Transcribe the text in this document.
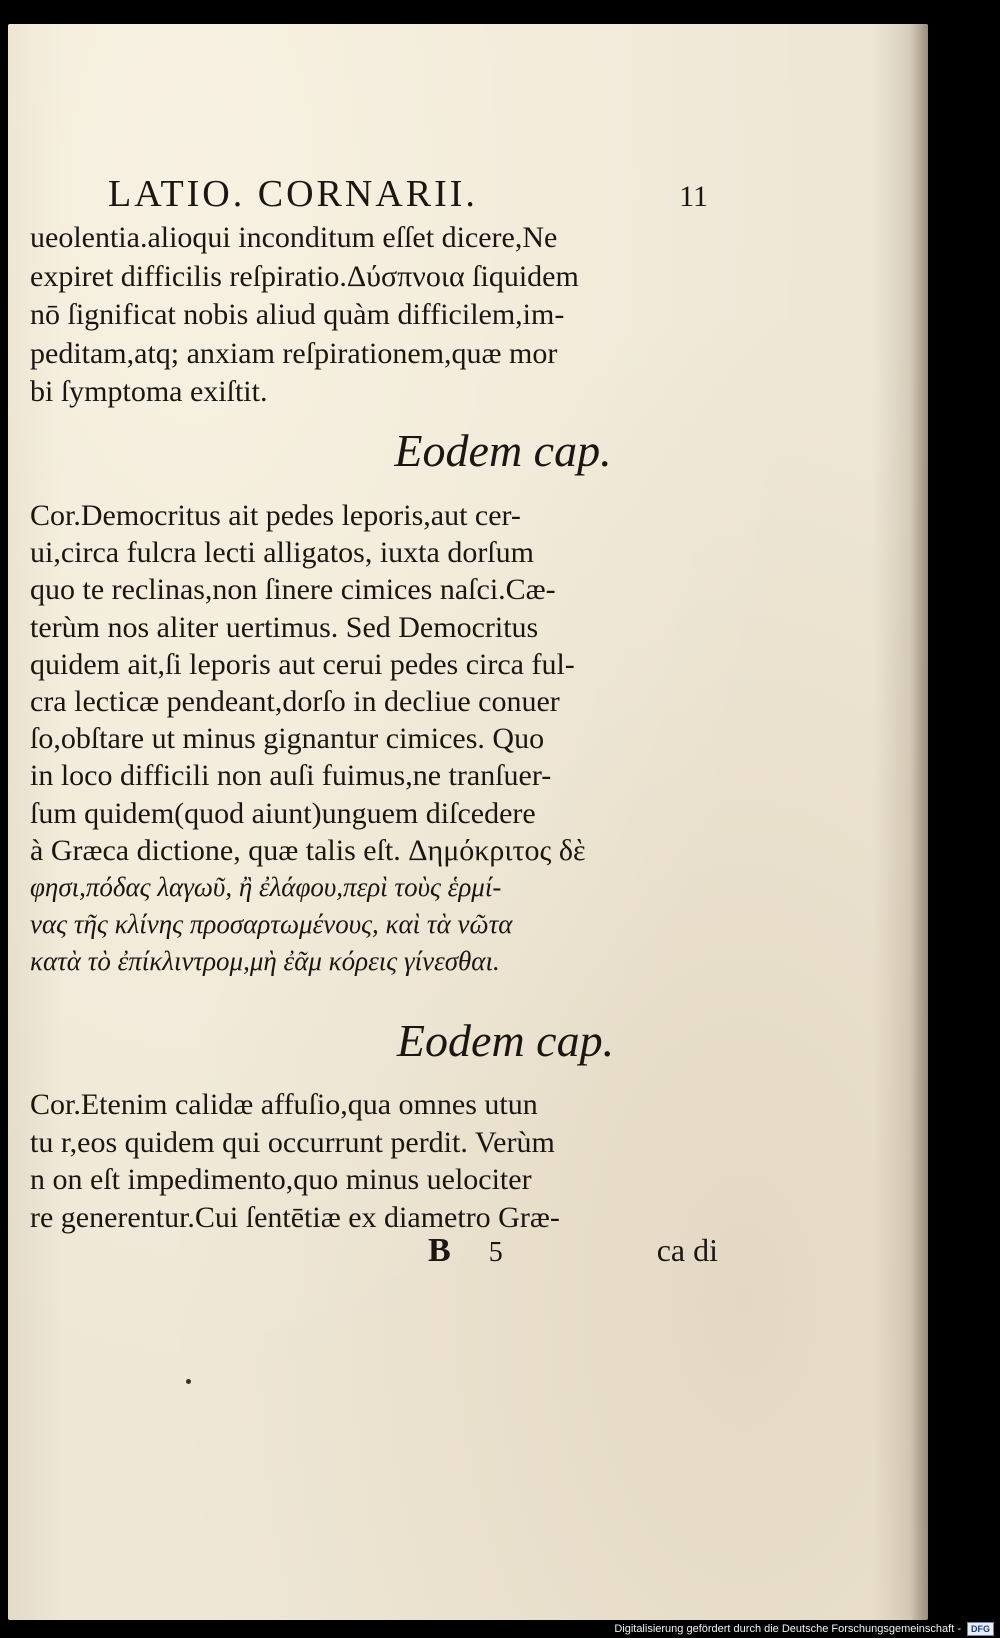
LATIO. CORNARII.	11
ueolentia.alioqui inconditum eſſet dicere,Ne
expiret difficilis reſpiratio.Δύσπνοια ſiquidem
nō ſignificat nobis aliud quàm difficilem,im-
peditam,atq; anxiam reſpirationem,quæ mor
bi ſymptoma exiſtit.
Eodem cap.
Cor.Democritus ait pedes leporis,aut cer-
ui,circa fulcra lecti alligatos, iuxta dorſum
quo te reclinas,non ſinere cimices naſci.Cæ-
terùm nos aliter uertimus. Sed Democritus
quidem ait,ſi leporis aut cerui pedes circa ful-
cra lecticæ pendeant,dorſo in decliue conuer
ſo,obſtare ut minus gignantur cimices. Quo
in loco difficili non auſi fuimus,ne tranſuer-
ſum quidem(quod aiunt)unguem diſcedere
à Græca dictione, quæ talis eſt. Δημόκριτος δὲ
φησι,πόδας λαγωῦ, ἢ ἐλάφου,περὶ τοὺς ἑρμί-
νας τῆς κλίνης προσαρτωμένους, καὶ τὰ νῶτα
κατὰ τὸ ἐπίκλιντρομ,μὴ ἐᾶμ κόρεις γίνεσθαι.
Eodem cap.
Cor.Etenim calidæ affuſio,qua omnes utun
tu r,eos quidem qui occurrunt perdit. Verùm
n on eſt impedimento,quo minus uelociter
re generentur.Cui ſentētiæ ex diametro Græ-
B 5	ca di
Digitalisierung gefördert durch die Deutsche Forschungsgemeinschaft -	DFG
